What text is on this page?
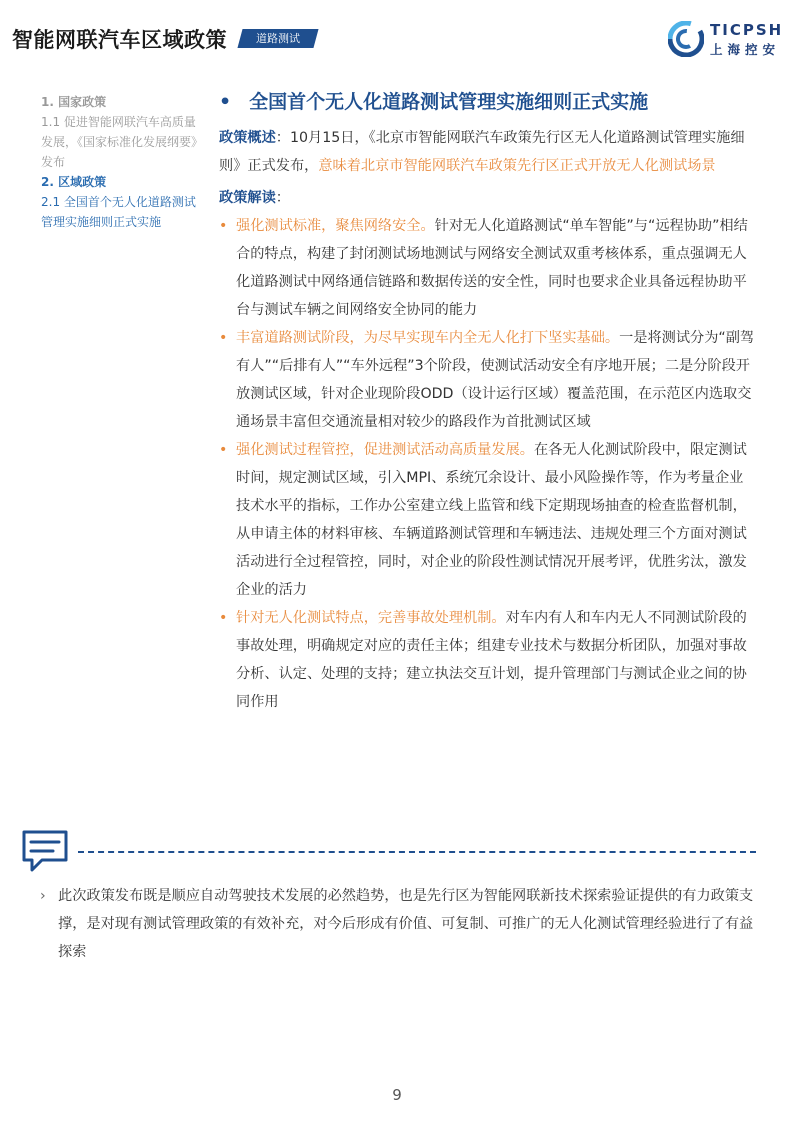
智能网联汽车区域政策	道路测试	TICPSH
上海控安
1. 国家政策
1.1 促进智能网联汽车高质量发展，《国家标准化发展纲要》发布
2. 区域政策
2.1 全国首个无人化道路测试管理实施细则正式实施
• 全国首个无人化道路测试管理实施细则正式实施
政策概述：10月15日，《北京市智能网联汽车政策先行区无人化道路测试管理实施细则》正式发布，意味着北京市智能网联汽车政策先行区正式开放无人化测试场景
政策解读：
• 强化测试标准，聚焦网络安全。针对无人化道路测试“单车智能”与“远程协助”相结合的特点，构建了封闭测试场地测试与网络安全测试双重考核体系，重点强调无人化道路测试中网络通信链路和数据传送的安全性，同时也要求企业具备远程协助平台与测试车辆之间网络安全协同的能力
• 丰富道路测试阶段，为尽早实现车内全无人化打下坚实基础。一是将测试分为“副驾有人”“后排有人”“车外远程”3个阶段，使测试活动安全有序地开展；二是分阶段开放测试区域，针对企业现阶段ODD（设计运行区域）覆盖范围，在示范区内选取交通场景丰富但交通流量相对较少的路段作为首批测试区域
• 强化测试过程管控，促进测试活动高质量发展。在各无人化测试阶段中，限定测试时间，规定测试区域，引入MPI、系统冗余设计、最小风险操作等，作为考量企业技术水平的指标，工作办公室建立线上监管和线下定期现场抽查的检查监督机制，从申请主体的材料审核、车辆道路测试管理和车辆违法、违规处理三个方面对测试活动进行全过程管控，同时，对企业的阶段性测试情况开展考评，优胜劣汰，激发企业的活力
• 针对无人化测试特点，完善事故处理机制。对车内有人和车内无人不同测试阶段的事故处理，明确规定对应的责任主体；组建专业技术与数据分析团队，加强对事故分析、认定、处理的支持；建立执法交互计划，提升管理部门与测试企业之间的协同作用
› 此次政策发布既是顺应自动驾驶技术发展的必然趋势，也是先行区为智能网联新技术探索验证提供的有力政策支撑，是对现有测试管理政策的有效补充，对今后形成有价值、可复制、可推广的无人化测试管理经验进行了有益探索
9
